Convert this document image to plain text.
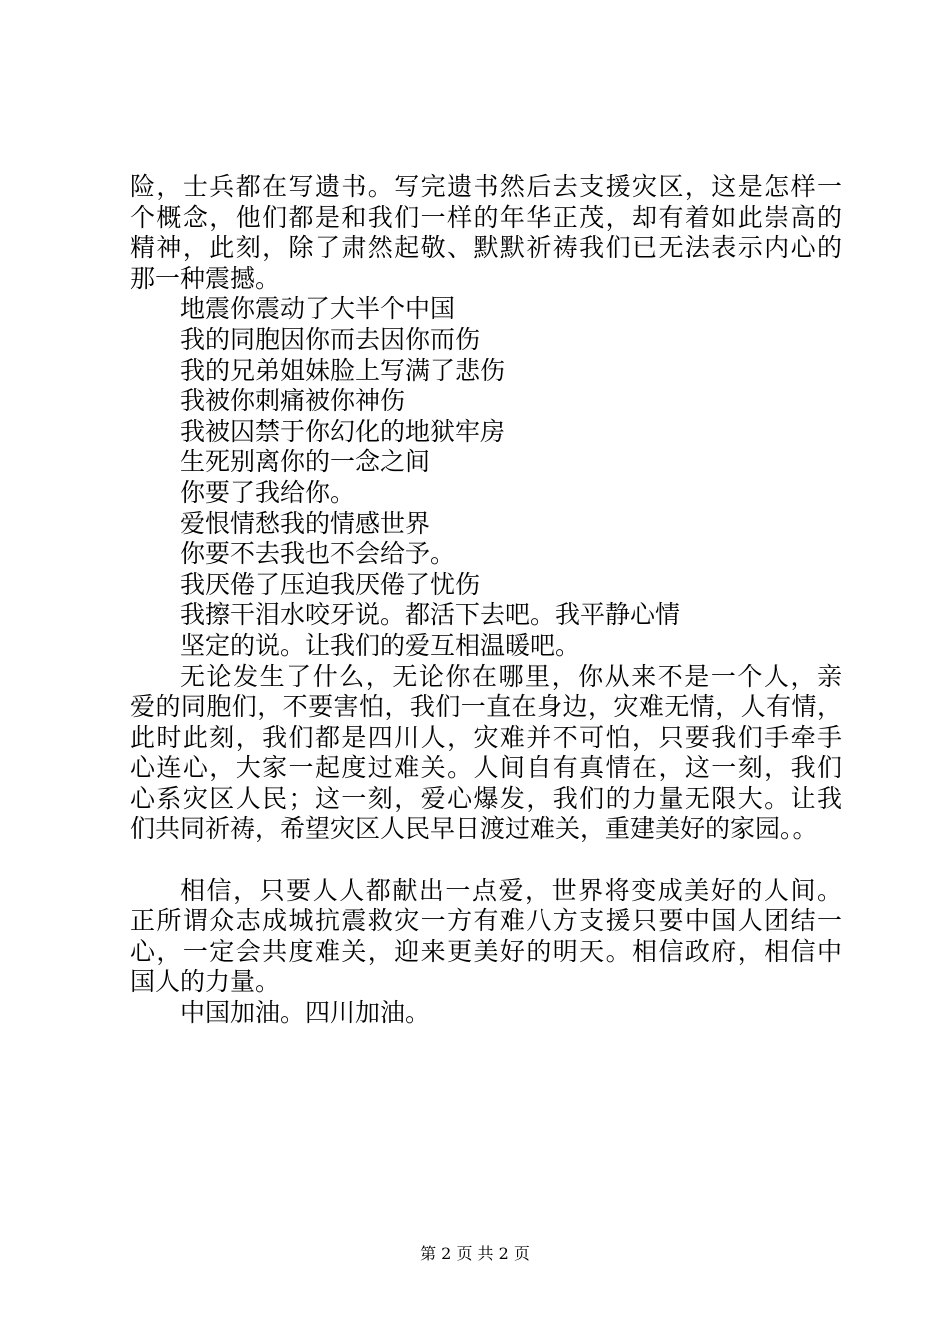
险，士兵都在写遗书。写完遗书然后去支援灾区，这是怎样一
个概念，他们都是和我们一样的年华正茂，却有着如此崇高的
精神，此刻，除了肃然起敬、默默祈祷我们已无法表示内心的
那一种震撼。
地震你震动了大半个中国
我的同胞因你而去因你而伤
我的兄弟姐妹脸上写满了悲伤
我被你刺痛被你神伤
我被囚禁于你幻化的地狱牢房
生死别离你的一念之间
你要了我给你。
爱恨情愁我的情感世界
你要不去我也不会给予。
我厌倦了压迫我厌倦了忧伤
我擦干泪水咬牙说。都活下去吧。我平静心情
坚定的说。让我们的爱互相温暖吧。
无论发生了什么，无论你在哪里，你从来不是一个人，亲
爱的同胞们，不要害怕，我们一直在身边，灾难无情，人有情，
此时此刻，我们都是四川人，灾难并不可怕，只要我们手牵手
心连心，大家一起度过难关。人间自有真情在，这一刻，我们
心系灾区人民；这一刻，爱心爆发，我们的力量无限大。让我
们共同祈祷，希望灾区人民早日渡过难关，重建美好的家园。。
相信，只要人人都献出一点爱，世界将变成美好的人间。
正所谓众志成城抗震救灾一方有难八方支援只要中国人团结一
心，一定会共度难关，迎来更美好的明天。相信政府，相信中
国人的力量。
中国加油。四川加油。
第 2 页 共 2 页
